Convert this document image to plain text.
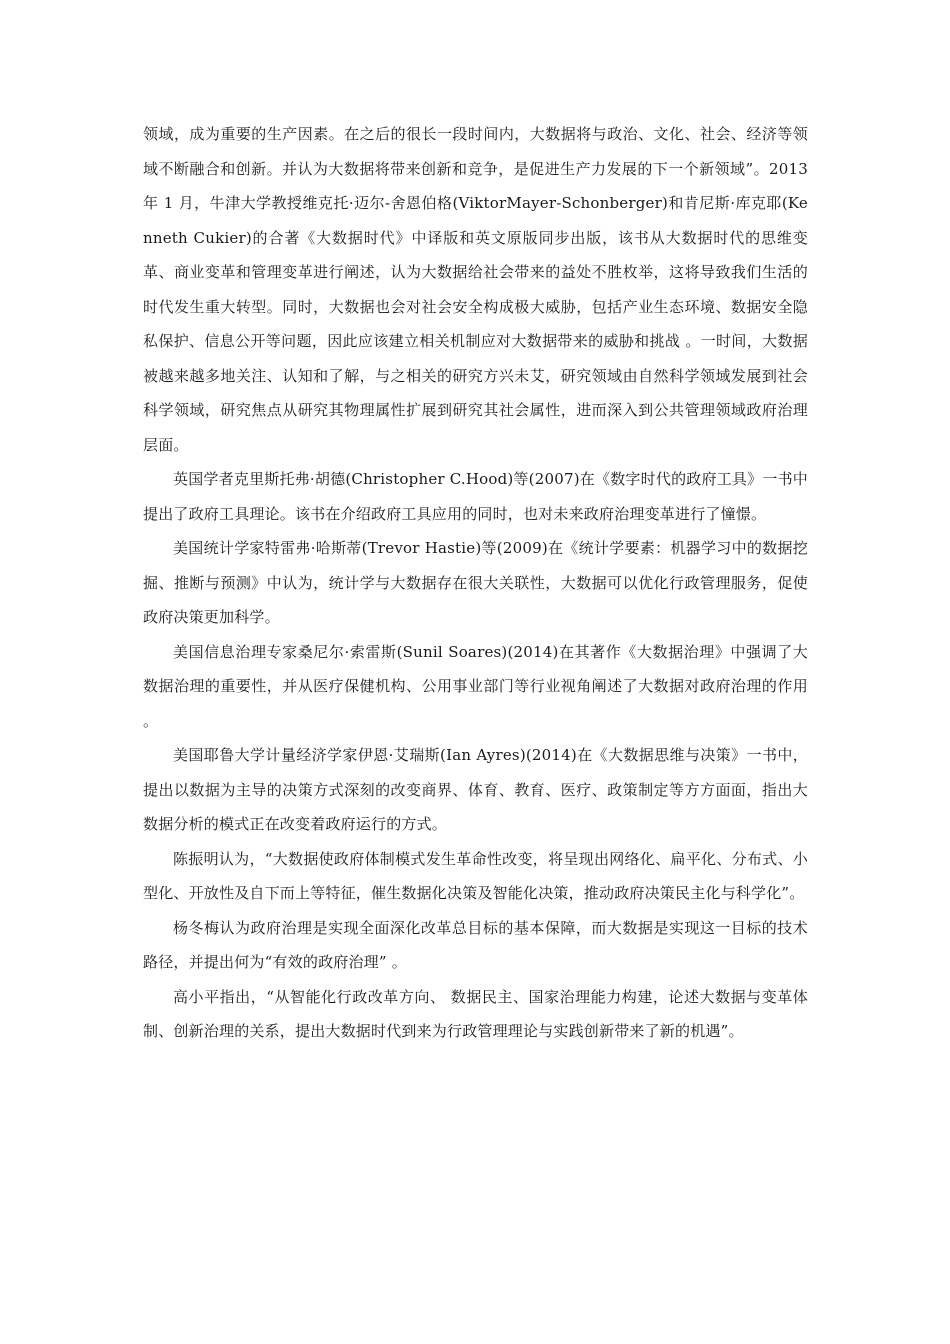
领域，成为重要的生产因素。在之后的很长一段时间内，大数据将与政治、文化、社会、经济等领域不断融合和创新。并认为大数据将带来创新和竞争，是促进生产力发展的下一个新领域”。2013 年 1 月，牛津大学教授维克托·迈尔-舍恩伯格(ViktorMayer-Schonberger)和肯尼斯·库克耶(Kenneth Cukier)的合著《大数据时代》中译版和英文原版同步出版，该书从大数据时代的思维变革、商业变革和管理变革进行阐述，认为大数据给社会带来的益处不胜枚举，这将导致我们生活的时代发生重大转型。同时，大数据也会对社会安全构成极大威胁，包括产业生态环境、数据安全隐私保护、信息公开等问题，因此应该建立相关机制应对大数据带来的威胁和挑战 。一时间，大数据被越来越多地关注、认知和了解，与之相关的研究方兴未艾，研究领域由自然科学领域发展到社会科学领域，研究焦点从研究其物理属性扩展到研究其社会属性，进而深入到公共管理领域政府治理层面。

英国学者克里斯托弗·胡德(Christopher C.Hood)等(2007)在《数字时代的政府工具》一书中提出了政府工具理论。该书在介绍政府工具应用的同时，也对未来政府治理变革进行了憧憬。

美国统计学家特雷弗·哈斯蒂(Trevor Hastie)等(2009)在《统计学要素：机器学习中的数据挖掘、推断与预测》中认为，统计学与大数据存在很大关联性，大数据可以优化行政管理服务，促使政府决策更加科学。

美国信息治理专家桑尼尔·索雷斯(Sunil Soares)(2014)在其著作《大数据治理》中强调了大数据治理的重要性，并从医疗保健机构、公用事业部门等行业视角阐述了大数据对政府治理的作用 。

美国耶鲁大学计量经济学家伊恩·艾瑞斯(Ian Ayres)(2014)在《大数据思维与决策》一书中，提出以数据为主导的决策方式深刻的改变商界、体育、教育、医疗、政策制定等方方面面，指出大数据分析的模式正在改变着政府运行的方式。

陈振明认为，“大数据使政府体制模式发生革命性改变，将呈现出网络化、扁平化、分布式、小型化、开放性及自下而上等特征，催生数据化决策及智能化决策，推动政府决策民主化与科学化”。

杨冬梅认为政府治理是实现全面深化改革总目标的基本保障，而大数据是实现这一目标的技术路径，并提出何为“有效的政府治理” 。

高小平指出，“从智能化行政改革方向、 数据民主、国家治理能力构建，论述大数据与变革体制、创新治理的关系，提出大数据时代到来为行政管理理论与实践创新带来了新的机遇”。
